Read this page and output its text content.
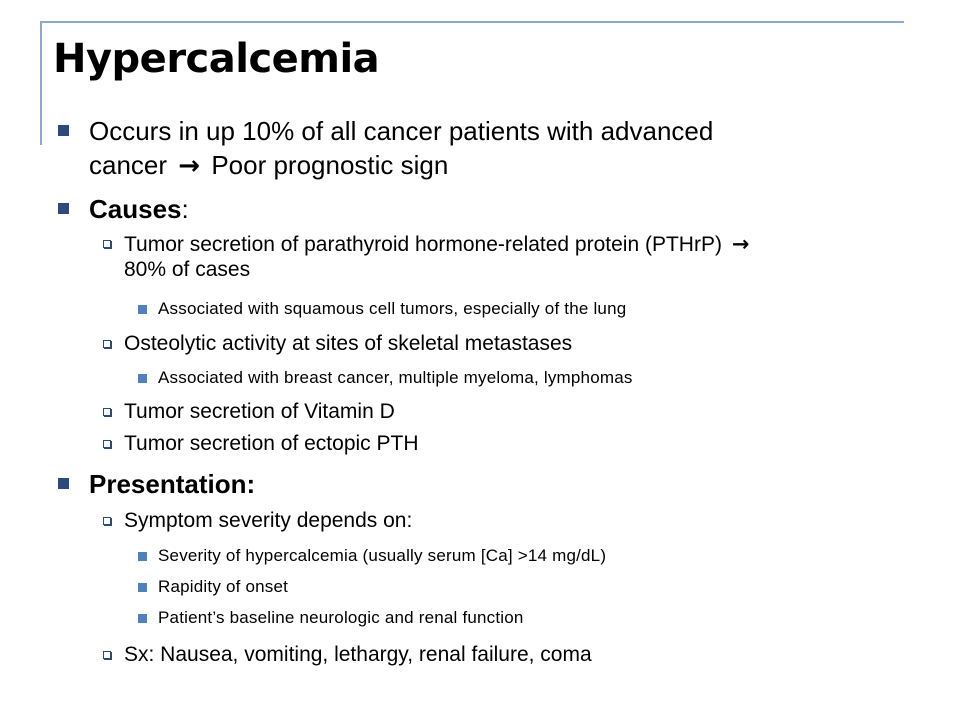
Hypercalcemia
Occurs in up 10% of all cancer patients with advanced
cancer → Poor prognostic sign
Causes:
Tumor secretion of parathyroid hormone-related protein (PTHrP) →
80% of cases
Associated with squamous cell tumors, especially of the lung
Osteolytic activity at sites of skeletal metastases
Associated with breast cancer, multiple myeloma, lymphomas
Tumor secretion of Vitamin D
Tumor secretion of ectopic PTH
Presentation:
Symptom severity depends on:
Severity of hypercalcemia (usually serum [Ca] >14 mg/dL)
Rapidity of onset
Patient’s baseline neurologic and renal function
Sx: Nausea, vomiting, lethargy, renal failure, coma
